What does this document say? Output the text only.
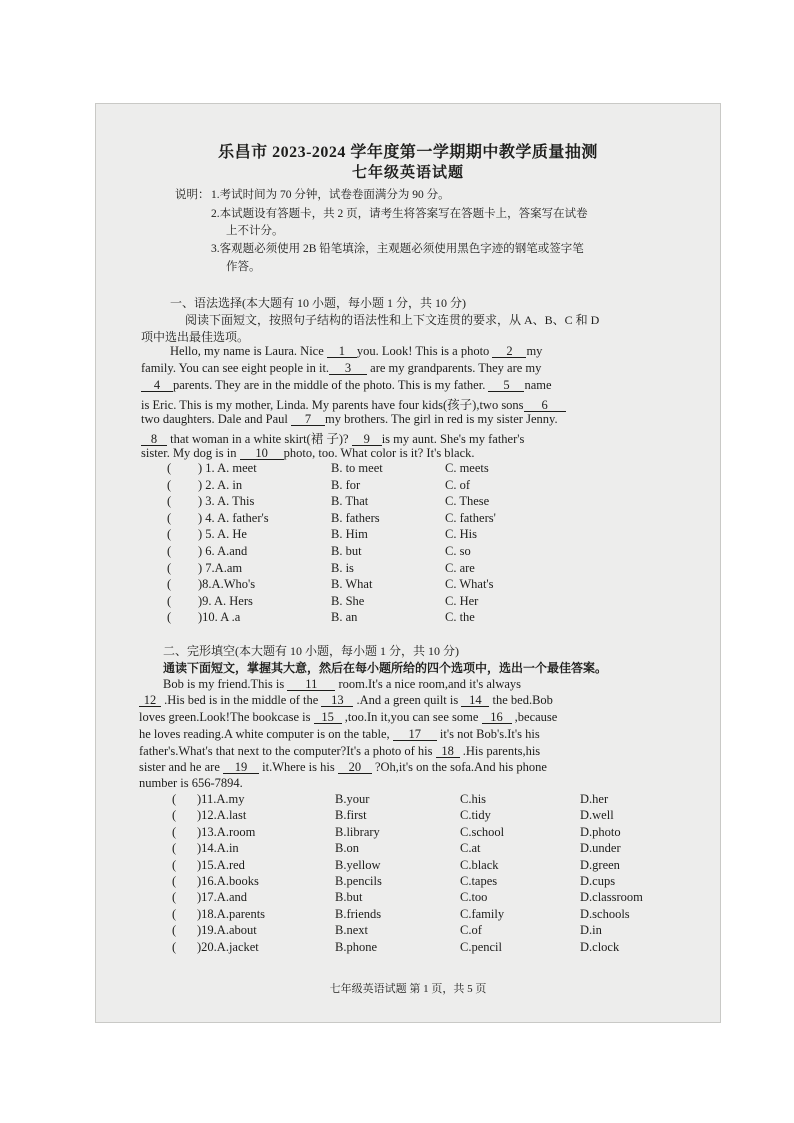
乐昌市 2023-2024 学年度第一学期期中教学质量抽测
七年级英语试题
说明： 1.考试时间为 70 分钟，试卷卷面满分为 90 分。
2.本试题设有答题卡，共 2 页，请考生将答案写在答题卡上，答案写在试卷
上不计分。
3.客观题必须使用 2B 铅笔填涂，主观题必须使用黑色字迹的钢笔或签字笔
作答。
一、语法选择(本大题有 10 小题，每小题 1 分，共 10 分)
阅读下面短文，按照句子结构的语法性和上下文连贯的要求，从 A、B、C 和 D
项中选出最佳选项。
Hello, my name is Laura. Nice 1 you. Look! This is a photo 2 my
family. You can see eight people in it. 3 are my grandparents. They are my
4 parents. They are in the middle of the photo. This is my father. 5 name
is Eric. This is my mother, Linda. My parents have four kids(孩子),two sons 6
two daughters. Dale and Paul 7 my brothers. The girl in red is my sister Jenny.
8 that woman in a white skirt(裙 子)? 9 is my aunt. She's my father's
sister. My dog is in 10 photo, too. What color is it? It's black.
(
(
(
(
(
(
(
(
(
(
) 1. A. meet
) 2. A. in
) 3. A. This
) 4. A. father's
) 5. A. He
) 6. A.and
) 7.A.am
)8.A.Who's
)9. A. Hers
)10. A .a
B. to meet
B. for
B. That
B. fathers
B. Him
B. but
B. is
B. What
B. She
B. an
C. meets
C. of
C. These
C. fathers'
C. His
C. so
C. are
C. What's
C. Her
C. the
二、完形填空(本大题有 10 小题，每小题 1 分，共 10 分)
通读下面短文，掌握其大意，然后在每小题所给的四个选项中，选出一个最佳答案。
Bob is my friend.This is 11 room.It's a nice room,and it's always
12 .His bed is in the middle of the 13 .And a green quilt is 14 the bed.Bob
loves green.Look!The bookcase is 15 ,too.In it,you can see some 16 ,because
he loves reading.A white computer is on the table, 17 it's not Bob's.It's his
father's.What's that next to the computer?It's a photo of his 18 .His parents,his
sister and he are 19 it.Where is his 20 ?Oh,it's on the sofa.And his phone
number is 656-7894.
(
(
(
(
(
(
(
(
(
(
)11.A.my
)12.A.last
)13.A.room
)14.A.in
)15.A.red
)16.A.books
)17.A.and
)18.A.parents
)19.A.about
)20.A.jacket
B.your
B.first
B.library
B.on
B.yellow
B.pencils
B.but
B.friends
B.next
B.phone
C.his
C.tidy
C.school
C.at
C.black
C.tapes
C.too
C.family
C.of
C.pencil
D.her
D.well
D.photo
D.under
D.green
D.cups
D.classroom
D.schools
D.in
D.clock
七年级英语试题 第 1 页，共 5 页
